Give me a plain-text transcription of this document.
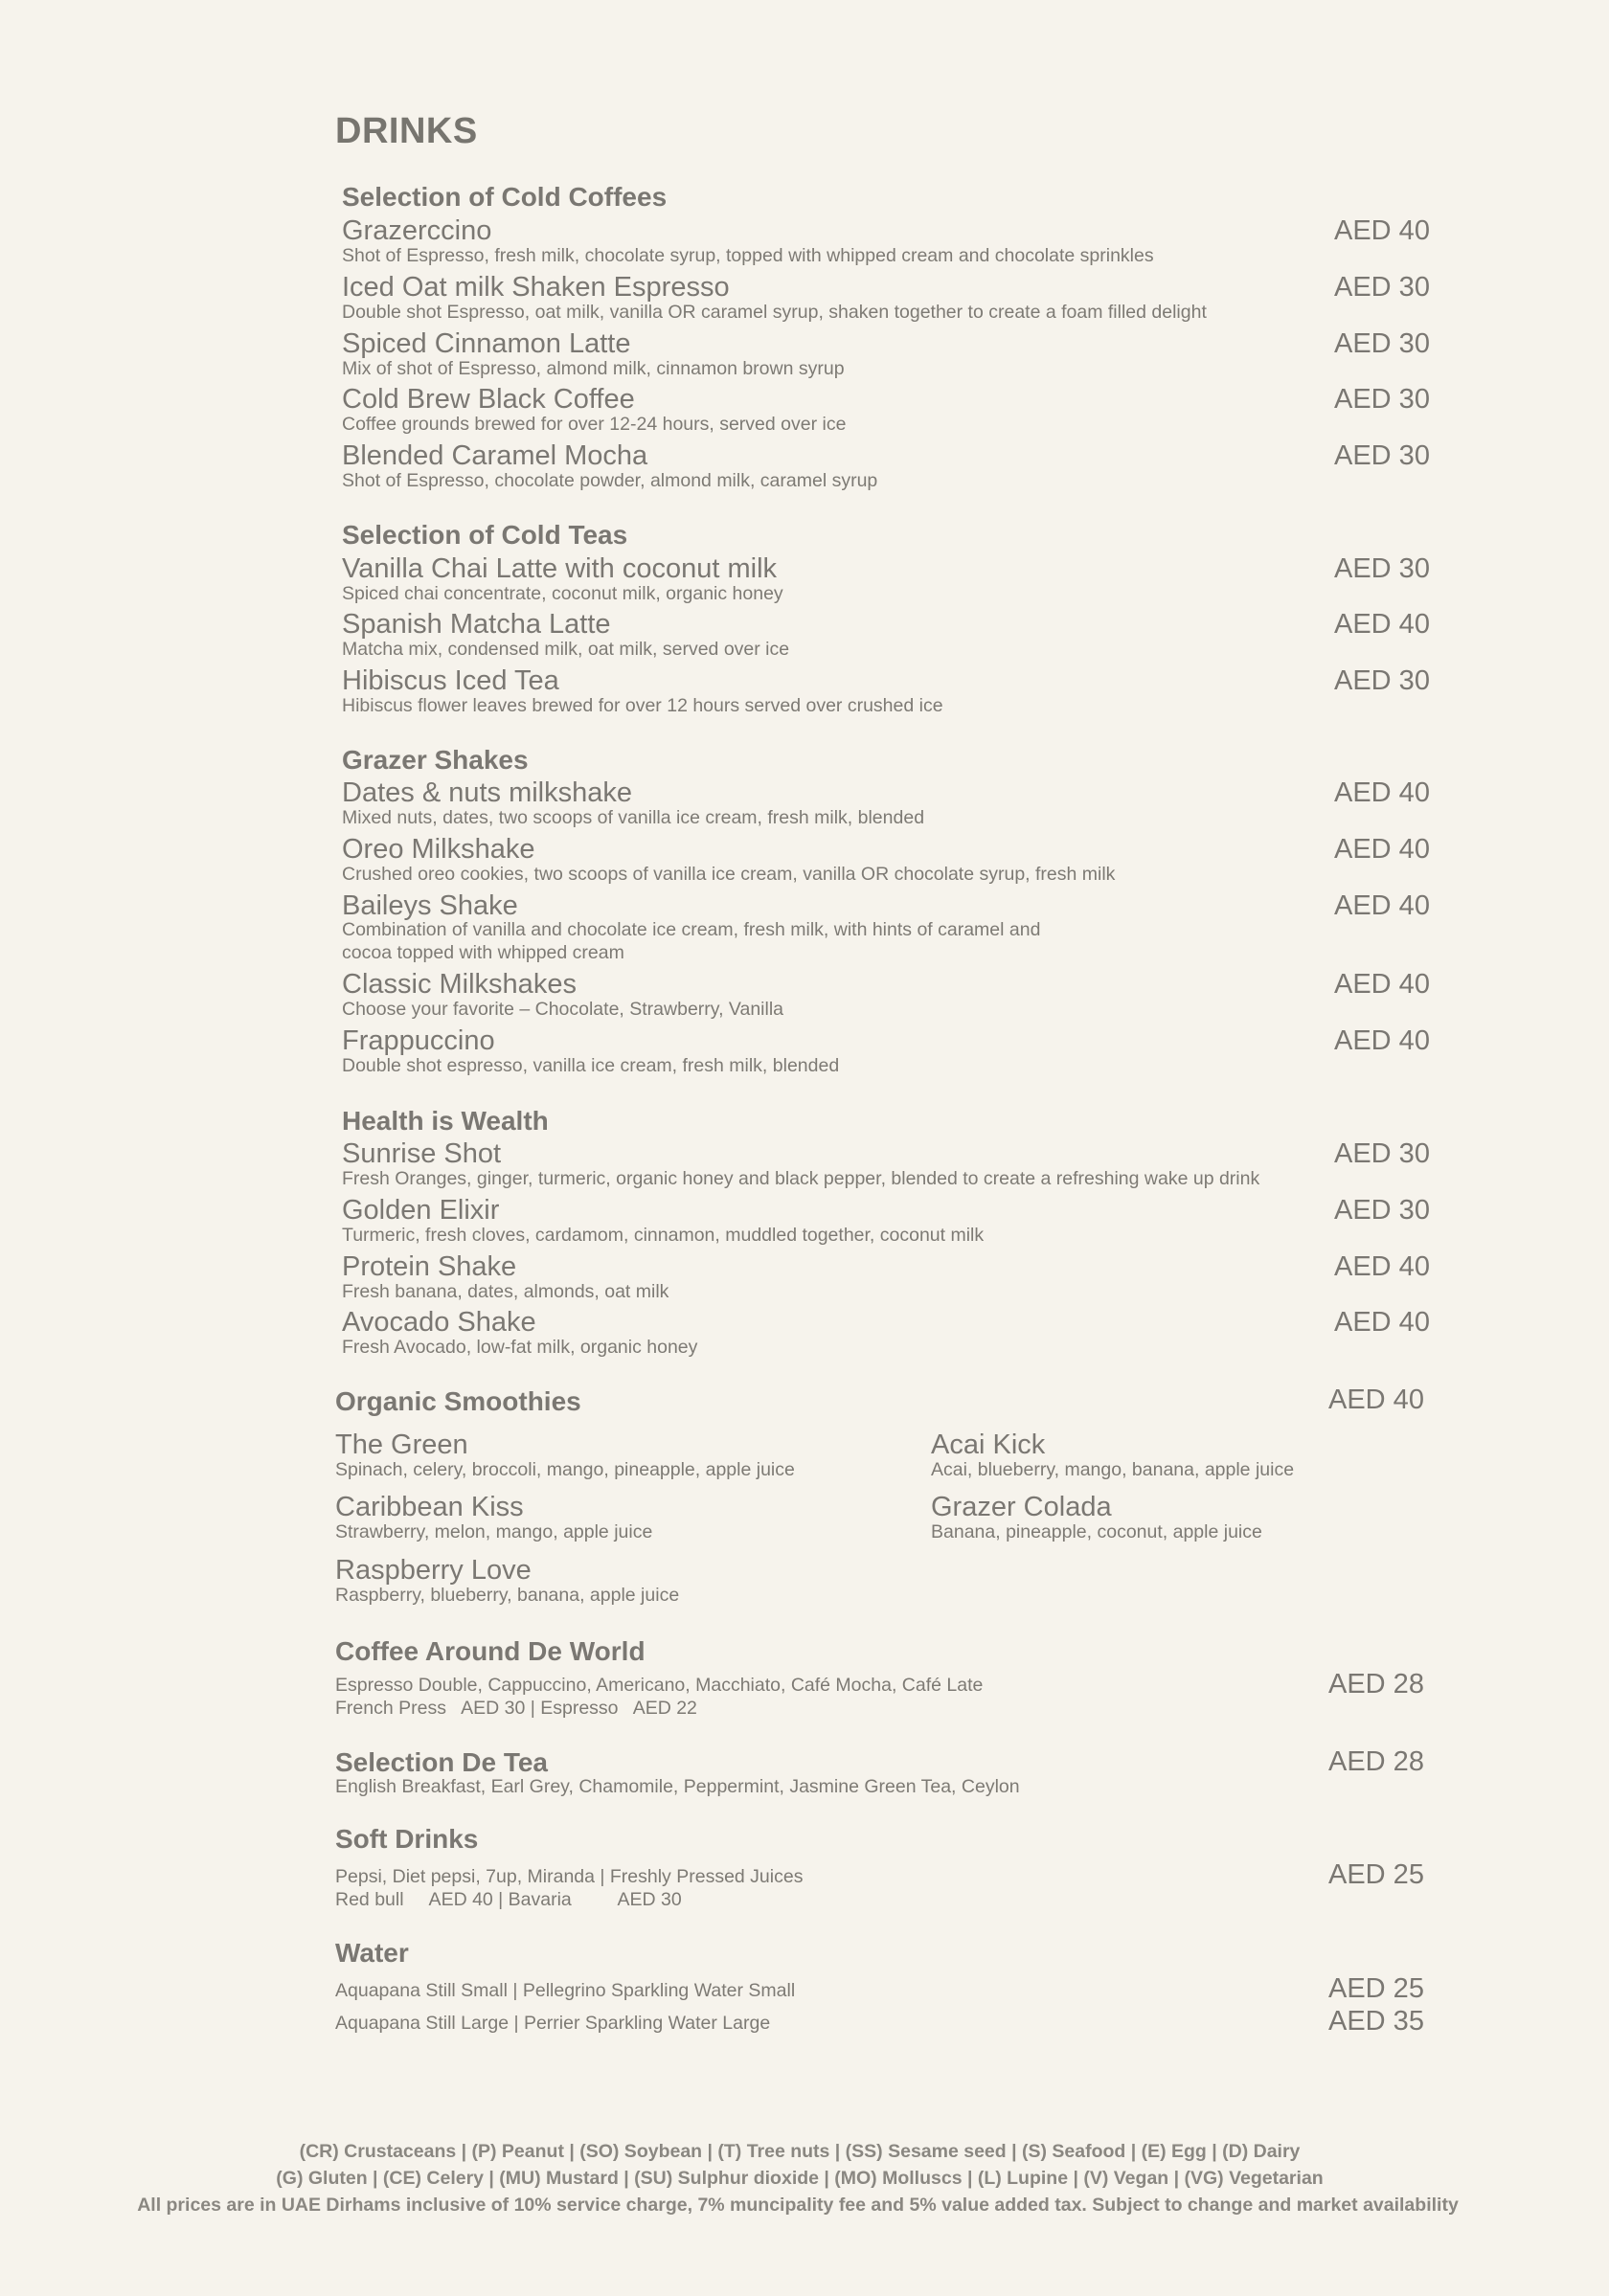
DRINKS
Selection of Cold Coffees
Grazerccino
Shot of Espresso, fresh milk, chocolate syrup, topped with whipped cream and chocolate sprinkles
AED 40
Iced Oat milk Shaken Espresso
Double shot Espresso, oat milk, vanilla OR caramel syrup, shaken together to create a foam filled delight
AED 30
Spiced Cinnamon Latte
Mix of shot of Espresso, almond milk, cinnamon brown syrup
AED 30
Cold Brew Black Coffee
Coffee grounds brewed for over 12-24 hours, served over ice
AED 30
Blended Caramel Mocha
Shot of Espresso, chocolate powder, almond milk, caramel syrup
AED 30
Selection of Cold Teas
Vanilla Chai Latte with coconut milk
Spiced chai concentrate, coconut milk, organic honey
AED 30
Spanish Matcha Latte
Matcha mix, condensed milk, oat milk, served over ice
AED 40
Hibiscus Iced Tea
Hibiscus flower leaves brewed for over 12 hours served over crushed ice
AED 30
Grazer Shakes
Dates & nuts milkshake
Mixed nuts, dates, two scoops of vanilla ice cream, fresh milk, blended
AED 40
Oreo Milkshake
Crushed oreo cookies, two scoops of vanilla ice cream, vanilla OR chocolate syrup, fresh milk
AED 40
Baileys Shake
Combination of vanilla and chocolate ice cream, fresh milk, with hints of caramel and
cocoa topped with whipped cream
AED 40
Classic Milkshakes
Choose your favorite – Chocolate, Strawberry, Vanilla
AED 40
Frappuccino
Double shot espresso, vanilla ice cream, fresh milk, blended
AED 40
Health is Wealth
Sunrise Shot
Fresh Oranges, ginger, turmeric, organic honey and black pepper, blended to create a refreshing wake up drink
AED 30
Golden Elixir
Turmeric, fresh cloves, cardamom, cinnamon, muddled together, coconut milk
AED 30
Protein Shake
Fresh banana, dates, almonds, oat milk
AED 40
Avocado Shake
Fresh Avocado, low-fat milk, organic honey
AED 40
Organic Smoothies	AED 40
The Green
Spinach, celery, broccoli, mango, pineapple, apple juice
Acai Kick
Acai, blueberry, mango, banana, apple juice
Caribbean Kiss
Strawberry, melon, mango, apple juice
Grazer Colada
Banana, pineapple, coconut, apple juice
Raspberry Love
Raspberry, blueberry, banana, apple juice
Coffee Around De World
Espresso Double, Cappuccino, Americano, Macchiato, Café Mocha, Café Late
French Press   AED 30 | Espresso   AED 22
AED 28
Selection De Tea
English Breakfast, Earl Grey, Chamomile, Peppermint, Jasmine Green Tea, Ceylon
AED 28
Soft Drinks
Pepsi, Diet pepsi, 7up, Miranda | Freshly Pressed Juices
Red bull     AED 40 | Bavaria         AED 30
AED 25
Water
Aquapana Still Small | Pellegrino Sparkling Water Small	AED 25
Aquapana Still Large | Perrier Sparkling Water Large	AED 35
(CR) Crustaceans | (P) Peanut | (SO) Soybean | (T) Tree nuts | (SS) Sesame seed | (S) Seafood | (E) Egg | (D) Dairy
(G) Gluten | (CE) Celery | (MU) Mustard | (SU) Sulphur dioxide | (MO) Molluscs | (L) Lupine | (V) Vegan | (VG) Vegetarian
All prices are in UAE Dirhams inclusive of 10% service charge, 7% muncipality fee and 5% value added tax. Subject to change and market availability
